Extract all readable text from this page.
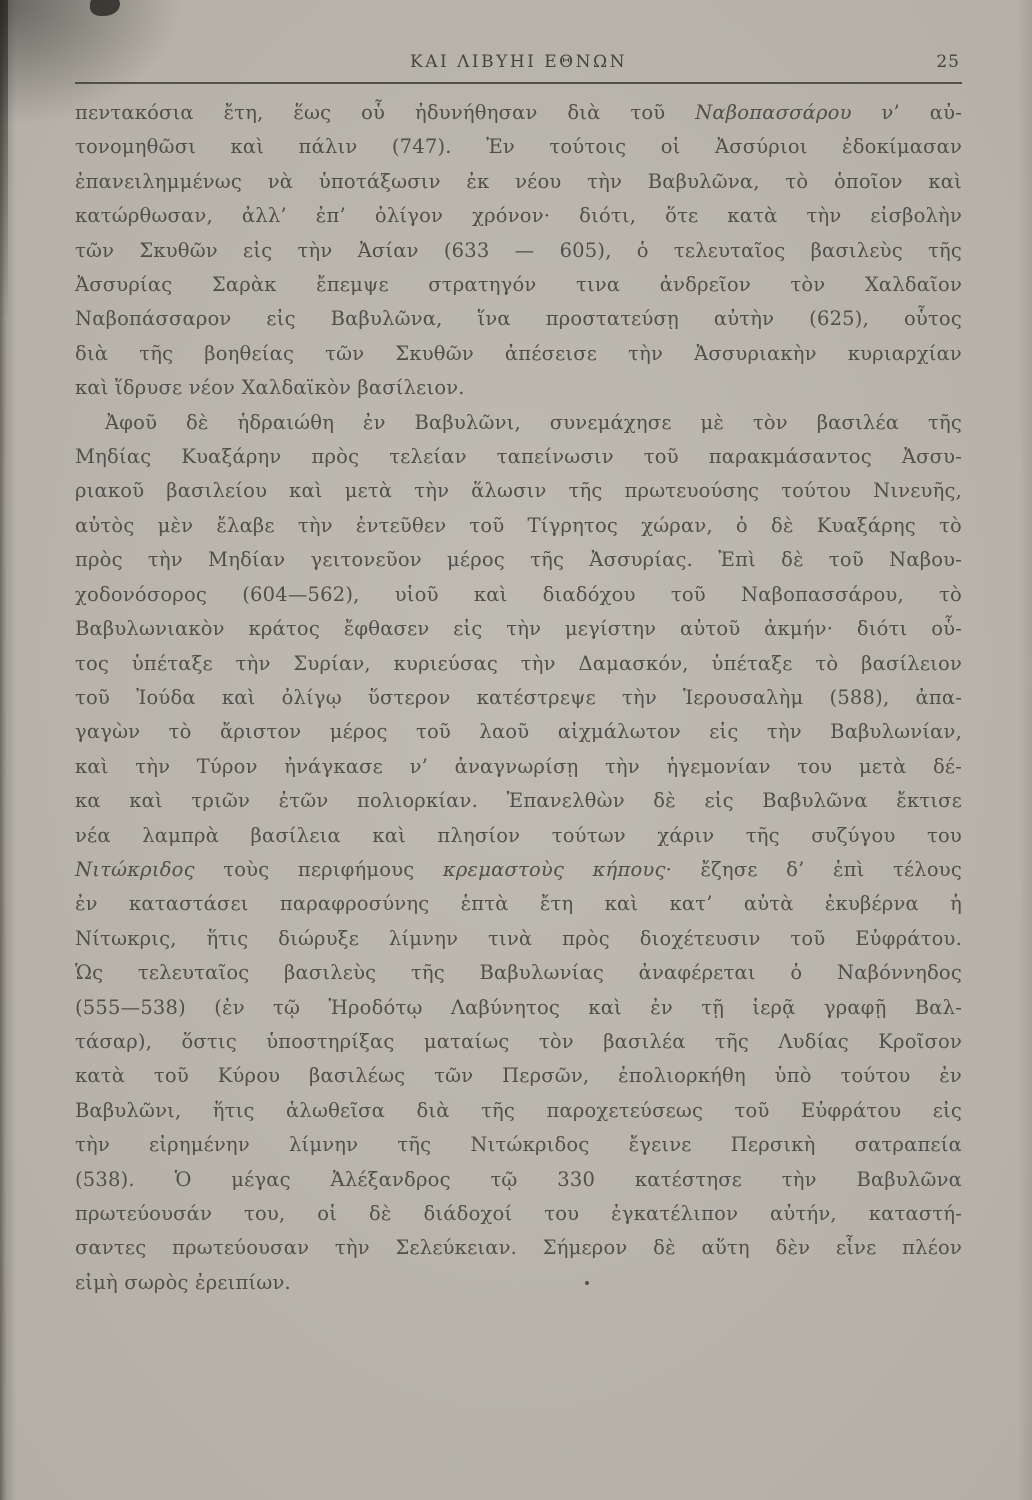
ΚΑΙ ΛΙΒΥΗΙ ΕΘΝΩΝ	25
πεντακόσια ἔτη, ἕως οὗ ἠδυνήθησαν διὰ τοῦ Ναβοπασσάρου ν’ αὐ-
τονομηθῶσι καὶ πάλιν (747). Ἐν τούτοις οἱ Ἀσσύριοι ἐδοκίμασαν
ἐπανειλημμένως νὰ ὑποτάξωσιν ἐκ νέου τὴν Βαβυλῶνα, τὸ ὁποῖον καὶ
κατώρθωσαν, ἀλλ’ ἐπ’ ὀλίγον χρόνον· διότι, ὅτε κατὰ τὴν εἰσβολὴν
τῶν Σκυθῶν εἰς τὴν Ἀσίαν (633 — 605), ὁ τελευταῖος βασιλεὺς τῆς
Ἀσσυρίας Σαρὰκ ἔπεμψε στρατηγόν τινα ἀνδρεῖον τὸν Χαλδαῖον
Ναβοπάσσαρον εἰς Βαβυλῶνα, ἵνα προστατεύσῃ αὐτὴν (625), οὗτος
διὰ τῆς βοηθείας τῶν Σκυθῶν ἀπέσεισε τὴν Ἀσσυριακὴν κυριαρχίαν
καὶ ἵδρυσε νέον Χαλδαϊκὸν βασίλειον.
Ἀφοῦ δὲ ἡδραιώθη ἐν Βαβυλῶνι, συνεμάχησε μὲ τὸν βασιλέα τῆς
Μηδίας Κυαξάρην πρὸς τελείαν ταπείνωσιν τοῦ παρακμάσαντος Ἀσσυ-
ριακοῦ βασιλείου καὶ μετὰ τὴν ἅλωσιν τῆς πρωτευούσης τούτου Νινευῆς,
αὐτὸς μὲν ἔλαβε τὴν ἐντεῦθεν τοῦ Τίγρητος χώραν, ὁ δὲ Κυαξάρης τὸ
πρὸς τὴν Μηδίαν γειτονεῦον μέρος τῆς Ἀσσυρίας. Ἐπὶ δὲ τοῦ Ναβου-
χοδονόσορος (604—562), υἱοῦ καὶ διαδόχου τοῦ Ναβοπασσάρου, τὸ
Βαβυλωνιακὸν κράτος ἔφθασεν εἰς τὴν μεγίστην αὐτοῦ ἀκμήν· διότι οὗ-
τος ὑπέταξε τὴν Συρίαν, κυριεύσας τὴν Δαμασκόν, ὑπέταξε τὸ βασίλειον
τοῦ Ἰούδα καὶ ὀλίγῳ ὕστερον κατέστρεψε τὴν Ἱερουσαλὴμ (588), ἀπα-
γαγὼν τὸ ἄριστον μέρος τοῦ λαοῦ αἰχμάλωτον εἰς τὴν Βαβυλωνίαν,
καὶ τὴν Τύρον ἠνάγκασε ν’ ἀναγνωρίσῃ τὴν ἡγεμονίαν του μετὰ δέ-
κα καὶ τριῶν ἐτῶν πολιορκίαν. Ἐπανελθὼν δὲ εἰς Βαβυλῶνα ἔκτισε
νέα λαμπρὰ βασίλεια καὶ πλησίον τούτων χάριν τῆς συζύγου του
Νιτώκριδος τοὺς περιφήμους κρεμαστοὺς κήπους· ἔζησε δ’ ἐπὶ τέλους
ἐν καταστάσει παραφροσύνης ἑπτὰ ἔτη καὶ κατ’ αὐτὰ ἐκυβέρνα ἡ
Νίτωκρις, ἥτις διώρυξε λίμνην τινὰ πρὸς διοχέτευσιν τοῦ Εὐφράτου.
Ὡς τελευταῖος βασιλεὺς τῆς Βαβυλωνίας ἀναφέρεται ὁ Ναβόννηδος
(555—538) (ἐν τῷ Ἡροδότῳ Λαβύνητος καὶ ἐν τῇ ἱερᾷ γραφῇ Βαλ-
τάσαρ), ὅστις ὑποστηρίξας ματαίως τὸν βασιλέα τῆς Λυδίας Κροῖσον
κατὰ τοῦ Κύρου βασιλέως τῶν Περσῶν, ἐπολιορκήθη ὑπὸ τούτου ἐν
Βαβυλῶνι, ἥτις ἁλωθεῖσα διὰ τῆς παροχετεύσεως τοῦ Εὐφράτου εἰς
τὴν εἰρημένην λίμνην τῆς Νιτώκριδος ἔγεινε Περσικὴ σατραπεία
(538). Ὁ μέγας Ἀλέξανδρος τῷ 330 κατέστησε τὴν Βαβυλῶνα
πρωτεύουσάν του, οἱ δὲ διάδοχοί του ἐγκατέλιπον αὐτήν, καταστή-
σαντες πρωτεύουσαν τὴν Σελεύκειαν. Σήμερον δὲ αὕτη δὲν εἶνε πλέον
εἰμὴ σωρὸς ἐρειπίων.
